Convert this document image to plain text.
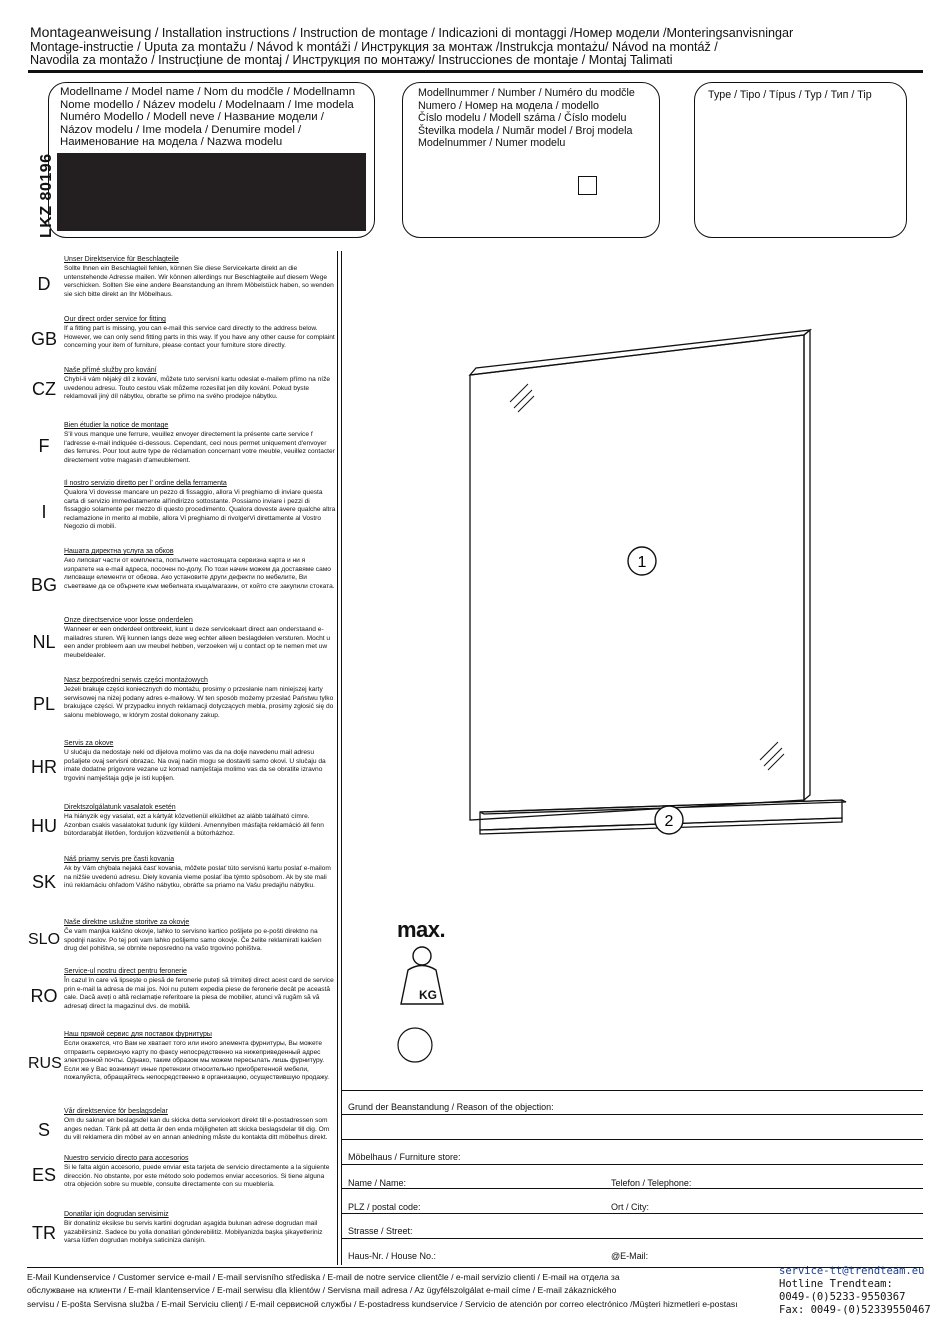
Montageanweisung / Installation instructions / Instruction de montage / Indicazioni di montaggi /Номер модели /Monteringsanvisningar
Montage-instructie / Uputa za montažu / Návod k montáži / Инструкция за монтаж /Instrukcja montażu/ Návod na montáž /
Navodila za montažo / Instrucțiune de montaj / Инструкция по монтажу/ Instrucciones de montaje / Montaj Talimati
LKZ 80196
Modellname / Model name / Nom du modčle / Modellnamn
Nome modello / Název modelu / Modelnaam / Ime modela
Numéro Modello / Modell neve / Название модели /
Názov modelu / Ime modela / Denumire model /
Наименование на модела / Nazwa modelu
Modellnummer / Number / Numéro du modčle
Numero / Номер на модела / modello
Číslo modelu / Modell száma / Číslo modelu
Številka modela / Număr model / Broj modela
Modelnummer / Numer modelu
Type / Tipo / Típus / Typ / Тип / Tip
D
Unser Direktservice für Beschlagteile
Sollte Ihnen ein Beschlagteil fehlen, können Sie diese Servicekarte direkt an die untenstehende Adresse mailen. Wir können allerdings nur Beschlagteile auf diesem Wege verschicken. Sollten Sie eine andere Beanstandung an Ihrem Möbelstück haben, so wenden sie sich bitte direkt an Ihr Möbelhaus.
GB
Our direct order service for fitting
If a fitting part is missing, you can e-mail this service card directly to the address below. However, we can only send fitting parts in this way. If you have any other cause for complaint concerning your item of furniture, please contact your furniture store directly.
CZ
Naše přímé služby pro kování
Chybí-li vám nějaký díl z kování, můžete tuto servisní kartu odeslat e-mailem přímo na níže uvedenou adresu. Touto cestou však můžeme rozesílat jen díly kování. Pokud byste reklamovali jiný díl nábytku, obraťte se přímo na svého prodejce nábytku.
F
Bien étudier la notice de montage
S'il vous manque une ferrure, veuillez envoyer directement la présente carte service f l'adresse e-mail indiquée ci-dessous. Cependant, ceci nous permet uniquement d'envoyer des ferrures. Pour tout autre type de réclamation concernant votre meuble, veuillez contacter directement votre magasin d'ameublement.
I
Il nostro servizio diretto per l' ordine della ferramenta
Qualora Vi dovesse mancare un pezzo di fissaggio, allora Vi preghiamo di inviare questa carta di servizio immediatamente all'indirizzo sottostante. Possiamo inviare i pezzi di fissaggio solamente per mezzo di questo procedimento. Qualora doveste avere qualche altra reclamazione in merito al mobile, allora Vi preghiamo di rivolgerVi direttamente al Vostro Negozio di mobili.
BG
Нашата директна услуга за обков
Ако липсват части от комплекта, попълнете настоящата сервизна карта и ни я изпратете на e-mail адреса, посочен по-долу. По този начин можем да доставяме само липсващи елементи от обкова. Ако установите други дефекти по мебелите, Ви съветваме да се обърнете към мебелната къща/магазин, от който сте закупили стоката.
NL
Onze directservice voor losse onderdelen
Wanneer er een onderdeel ontbreekt, kunt u deze servicekaart direct aan onderstaand e-mailadres sturen. Wij kunnen langs deze weg echter alleen beslagdelen versturen. Mocht u een ander probleem aan uw meubel hebben, verzoeken wij u contact op te nemen met uw meubeldealer.
PL
Nasz bezpośredni serwis części montażowych
Jeżeli brakuje części koniecznych do montażu, prosimy o przesłanie nam niniejszej karty serwisowej na niżej podany adres e-mailowy. W ten sposób możemy przesłać Państwu tylko brakujące części. W przypadku innych reklamacji dotyczących mebla, prosimy zgłosić się do salonu meblowego, w którym został dokonany zakup.
HR
Servis za okove
U slučaju da nedostaje neki od dijelova molimo vas da na dolje navedenu mail adresu pošaljete ovaj servisni obrazac. Na ovaj način mogu se dostaviti samo okovi. U slučaju da imate dodatne prigovore vezane uz komad namještaja molimo vas da se obratite izravno trgovini namještaja gdje je isti kupljen.
HU
Direktszolgálatunk vasalatok esetén
Ha hiányzik egy vasalat, ezt a kártyát közvetlenül elküldhet az alább található címre. Azonban csakis vasalatokat tudunk így küldeni. Amennyiben másfajta reklamáció áll fenn bútordarabját illetően, forduljon közvetlenül a bútorházhoz.
SK
Náš priamy servis pre časti kovania
Ak by Vám chýbala nejaká časť kovania, môžete poslať túto servisnú kartu poslať e-mailom na nižšie uvedenú adresu. Diely kovania vieme poslať iba týmto spôsobom. Ak by ste mali inú reklamáciu ohľadom Vášho nábytku, obráťte sa priamo na Vašu predajňu nábytku.
SLO
Naše direktne uslužne storitve za okovje
Če vam manjka kakšno okovje, lahko to servisno kartico pošljete po e-pošti direktno na spodnji naslov. Po tej poti vam lahko pošljemo samo okovje. Če želite reklamirati kakšen drug del pohištva, se obrnite neposredno na vašo trgovino pohištva.
RO
Service-ul nostru direct pentru feronerie
În cazul în care vă lipsește o piesă de feronerie puteți să trimiteți direct acest card de service prin e-mail la adresa de mai jos. Noi nu putem expedia piese de feronerie decât pe această cale. Dacă aveți o altă reclamație referitoare la piesa de mobilier, atunci vă rugăm să vă adresați direct la magazinul dvs. de mobilă.
RUS
Наш прямой сервис для поставок фурнитуры
Если окажется, что Вам не хватает того или иного элемента фурнитуры, Вы можете отправить сервисную карту по факсу непосредственно на нижеприведенный адрес электронной почты. Однако, таким образом мы можем пересылать лишь фурнитуру. Если же у Вас возникнут иные претензии относительно приобретенной мебели, пожалуйста, обращайтесь непосредственно в организацию, осуществившую продажу.
S
Vår direktservice för beslagsdelar
Om du saknar en beslagsdel kan du skicka detta servicekort direkt till e-postadressen som anges nedan. Tänk på att detta är den enda möjligheten att skicka beslagsdelar till dig. Om du vill reklamera din möbel av en annan anledning måste du kontakta ditt möbelhus direkt.
ES
Nuestro servicio directo para accesorios
Si le falta algún accesorio, puede enviar esta tarjeta de servicio directamente a la siguiente dirección. No obstante, por este método solo podemos enviar accesorios. Si tiene alguna otra objeción sobre su mueble, consulte directamente con su mueblería.
TR
Donatilar için dogrudan servisimiz
Bir donatiniz eksikse bu servis kartini dogrudan aşagida bulunan adrese dogrudan mail yazabilirsiniz. Sadece bu yolla donatilari gönderebilitiz. Mobilyanizda başka şikayetleriniz varsa lütfen dogrudan mobilya saticiniza danişin.
1
2
max.
KG
Grund der Beanstandung / Reason of the objection:
Möbelhaus / Furniture store:
Name / Name:	Telefon / Telephone:
PLZ / postal code:	Ort / City:
Strasse / Street:
Haus-Nr. / House No.:	@E-Mail:
E-Mail Kundenservice / Customer service e-mail / E-mail servisního střediska / E-mail de notre service clientčle / e-mail servizio clienti / E-mail на отдела за
обслужване на клиенти / E-mail klantenservice / E-mail serwisu dla klientów / Servisna mail adresa / Az ügyfélszolgálat e-mail címe / E-mail zákaznického
servisu / E-pošta Servisna služba / E-mail Serviciu clienți / E-mail сервисной службы / E-postadress kundservice / Servicio de atención por correo electrónico /Müşteri hizmetleri e-postası
service-tt@trendteam.eu
Hotline Trendteam:
0049-(0)5233-9550367
Fax: 0049-(0)52339550467
